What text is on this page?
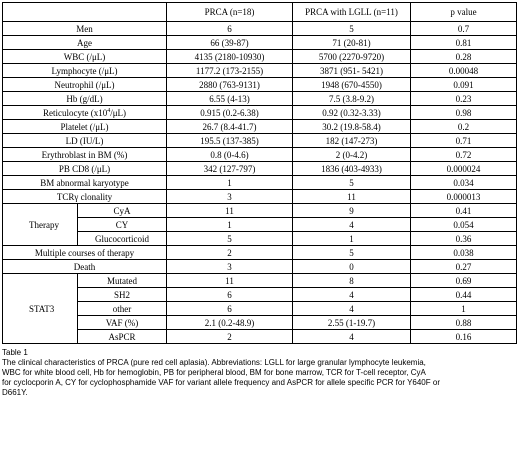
		PRCA (n=18)	PRCA with LGLL (n=11)	p value
Men		6	5	0.7
Age		66 (39-87)	71 (20-81)	0.81
WBC (/μL)		4135 (2180-10930)	5700 (2270-9720)	0.28
Lymphocyte (/μL)		1177.2 (173-2155)	3871 (951- 5421)	0.00048
Neutrophil (/μL)		2880 (763-9131)	1948 (670-4550)	0.091
Hb (g/dL)		6.55 (4-13)	7.5 (3.8-9.2)	0.23
Reticulocyte $(x10^4/\mu L)$		0.915 (0.2-6.38)	0.92 (0.32-3.33)	0.98
Platelet (/μL)		26.7 (8.4-41.7)	30.2 (19.8-58.4)	0.2
LD (IU/L)		195.5 (137-385)	182 (147-273)	0.71
Erythroblast in BM (%)		0.8 (0-4.6)	2 (0-4.2)	0.72
PB CD8 (/μL)		342 (127-797)	1836 (403-4933)	0.000024
BM abnormal karyotype		1	5	0.034
TCRγ clonality		3	11	0.000013
Therapy	CyA	11	9	0.41
	CY	1	4	0.054
	Glucocorticoid	5	1	0.36
Multiple courses of therapy		2	5	0.038
Death		3	0	0.27
STAT3	Mutated	11	8	0.69
	SH2	6	4	0.44
	other	6	4	1
	VAF (%)	2.1 (0.2-48.9)	2.55 (1-19.7)	0.88
	AsPCR	2	4	0.16
Table 1
The clinical characteristics of PRCA (pure red cell aplasia). Abbreviations: LGLL for large granular lymphocyte leukemia,
WBC for white blood cell, Hb for hemoglobin, PB for peripheral blood, BM for bone marrow, TCR for T-cell receptor, CyA
for cyclocporin A, CY for cyclophosphamide VAF for variant allele frequency and AsPCR for allele specific PCR for Y640F or
D661Y.
